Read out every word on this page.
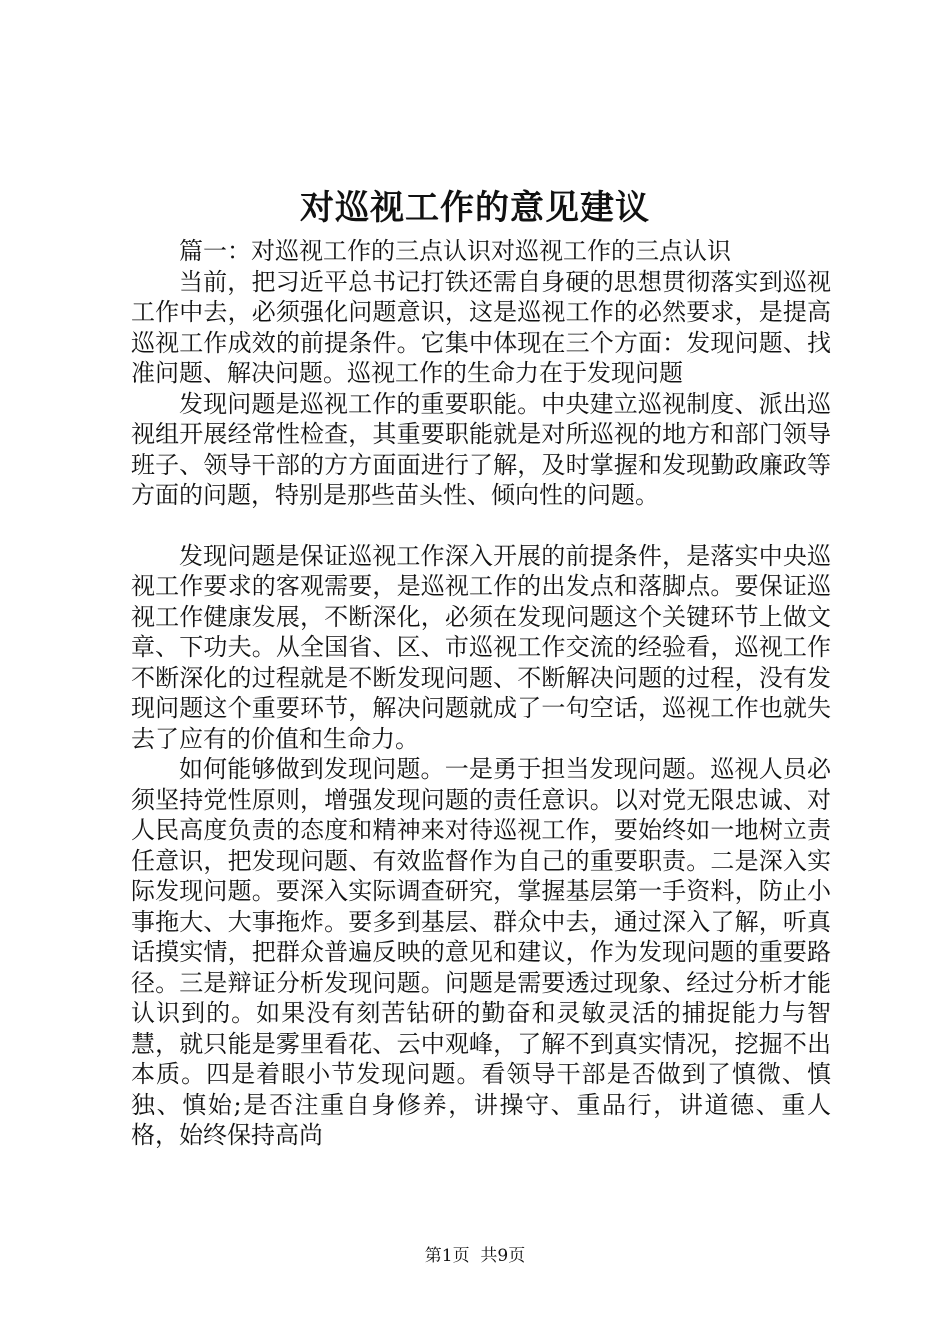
对巡视工作的意见建议

篇一：对巡视工作的三点认识对巡视工作的三点认识

当前，把习近平总书记打铁还需自身硬的思想贯彻落实到巡视工作中去，必须强化问题意识，这是巡视工作的必然要求，是提高巡视工作成效的前提条件。它集中体现在三个方面：发现问题、找准问题、解决问题。巡视工作的生命力在于发现问题

发现问题是巡视工作的重要职能。中央建立巡视制度、派出巡视组开展经常性检查，其重要职能就是对所巡视的地方和部门领导班子、领导干部的方方面面进行了解，及时掌握和发现勤政廉政等方面的问题，特别是那些苗头性、倾向性的问题。

发现问题是保证巡视工作深入开展的前提条件，是落实中央巡视工作要求的客观需要，是巡视工作的出发点和落脚点。要保证巡视工作健康发展，不断深化，必须在发现问题这个关键环节上做文章、下功夫。从全国省、区、市巡视工作交流的经验看，巡视工作不断深化的过程就是不断发现问题、不断解决问题的过程，没有发现问题这个重要环节，解决问题就成了一句空话，巡视工作也就失去了应有的价值和生命力。

如何能够做到发现问题。一是勇于担当发现问题。巡视人员必须坚持党性原则，增强发现问题的责任意识。以对党无限忠诚、对人民高度负责的态度和精神来对待巡视工作，要始终如一地树立责任意识，把发现问题、有效监督作为自己的重要职责。二是深入实际发现问题。要深入实际调查研究，掌握基层第一手资料，防止小事拖大、大事拖炸。要多到基层、群众中去，通过深入了解，听真话摸实情，把群众普遍反映的意见和建议，作为发现问题的重要路径。三是辩证分析发现问题。问题是需要透过现象、经过分析才能认识到的。如果没有刻苦钻研的勤奋和灵敏灵活的捕捉能力与智慧，就只能是雾里看花、云中观峰，了解不到真实情况，挖掘不出本质。四是着眼小节发现问题。看领导干部是否做到了慎微、慎独、慎始;是否注重自身修养，讲操守、重品行，讲道德、重人格，始终保持高尚

第1页 共9页
